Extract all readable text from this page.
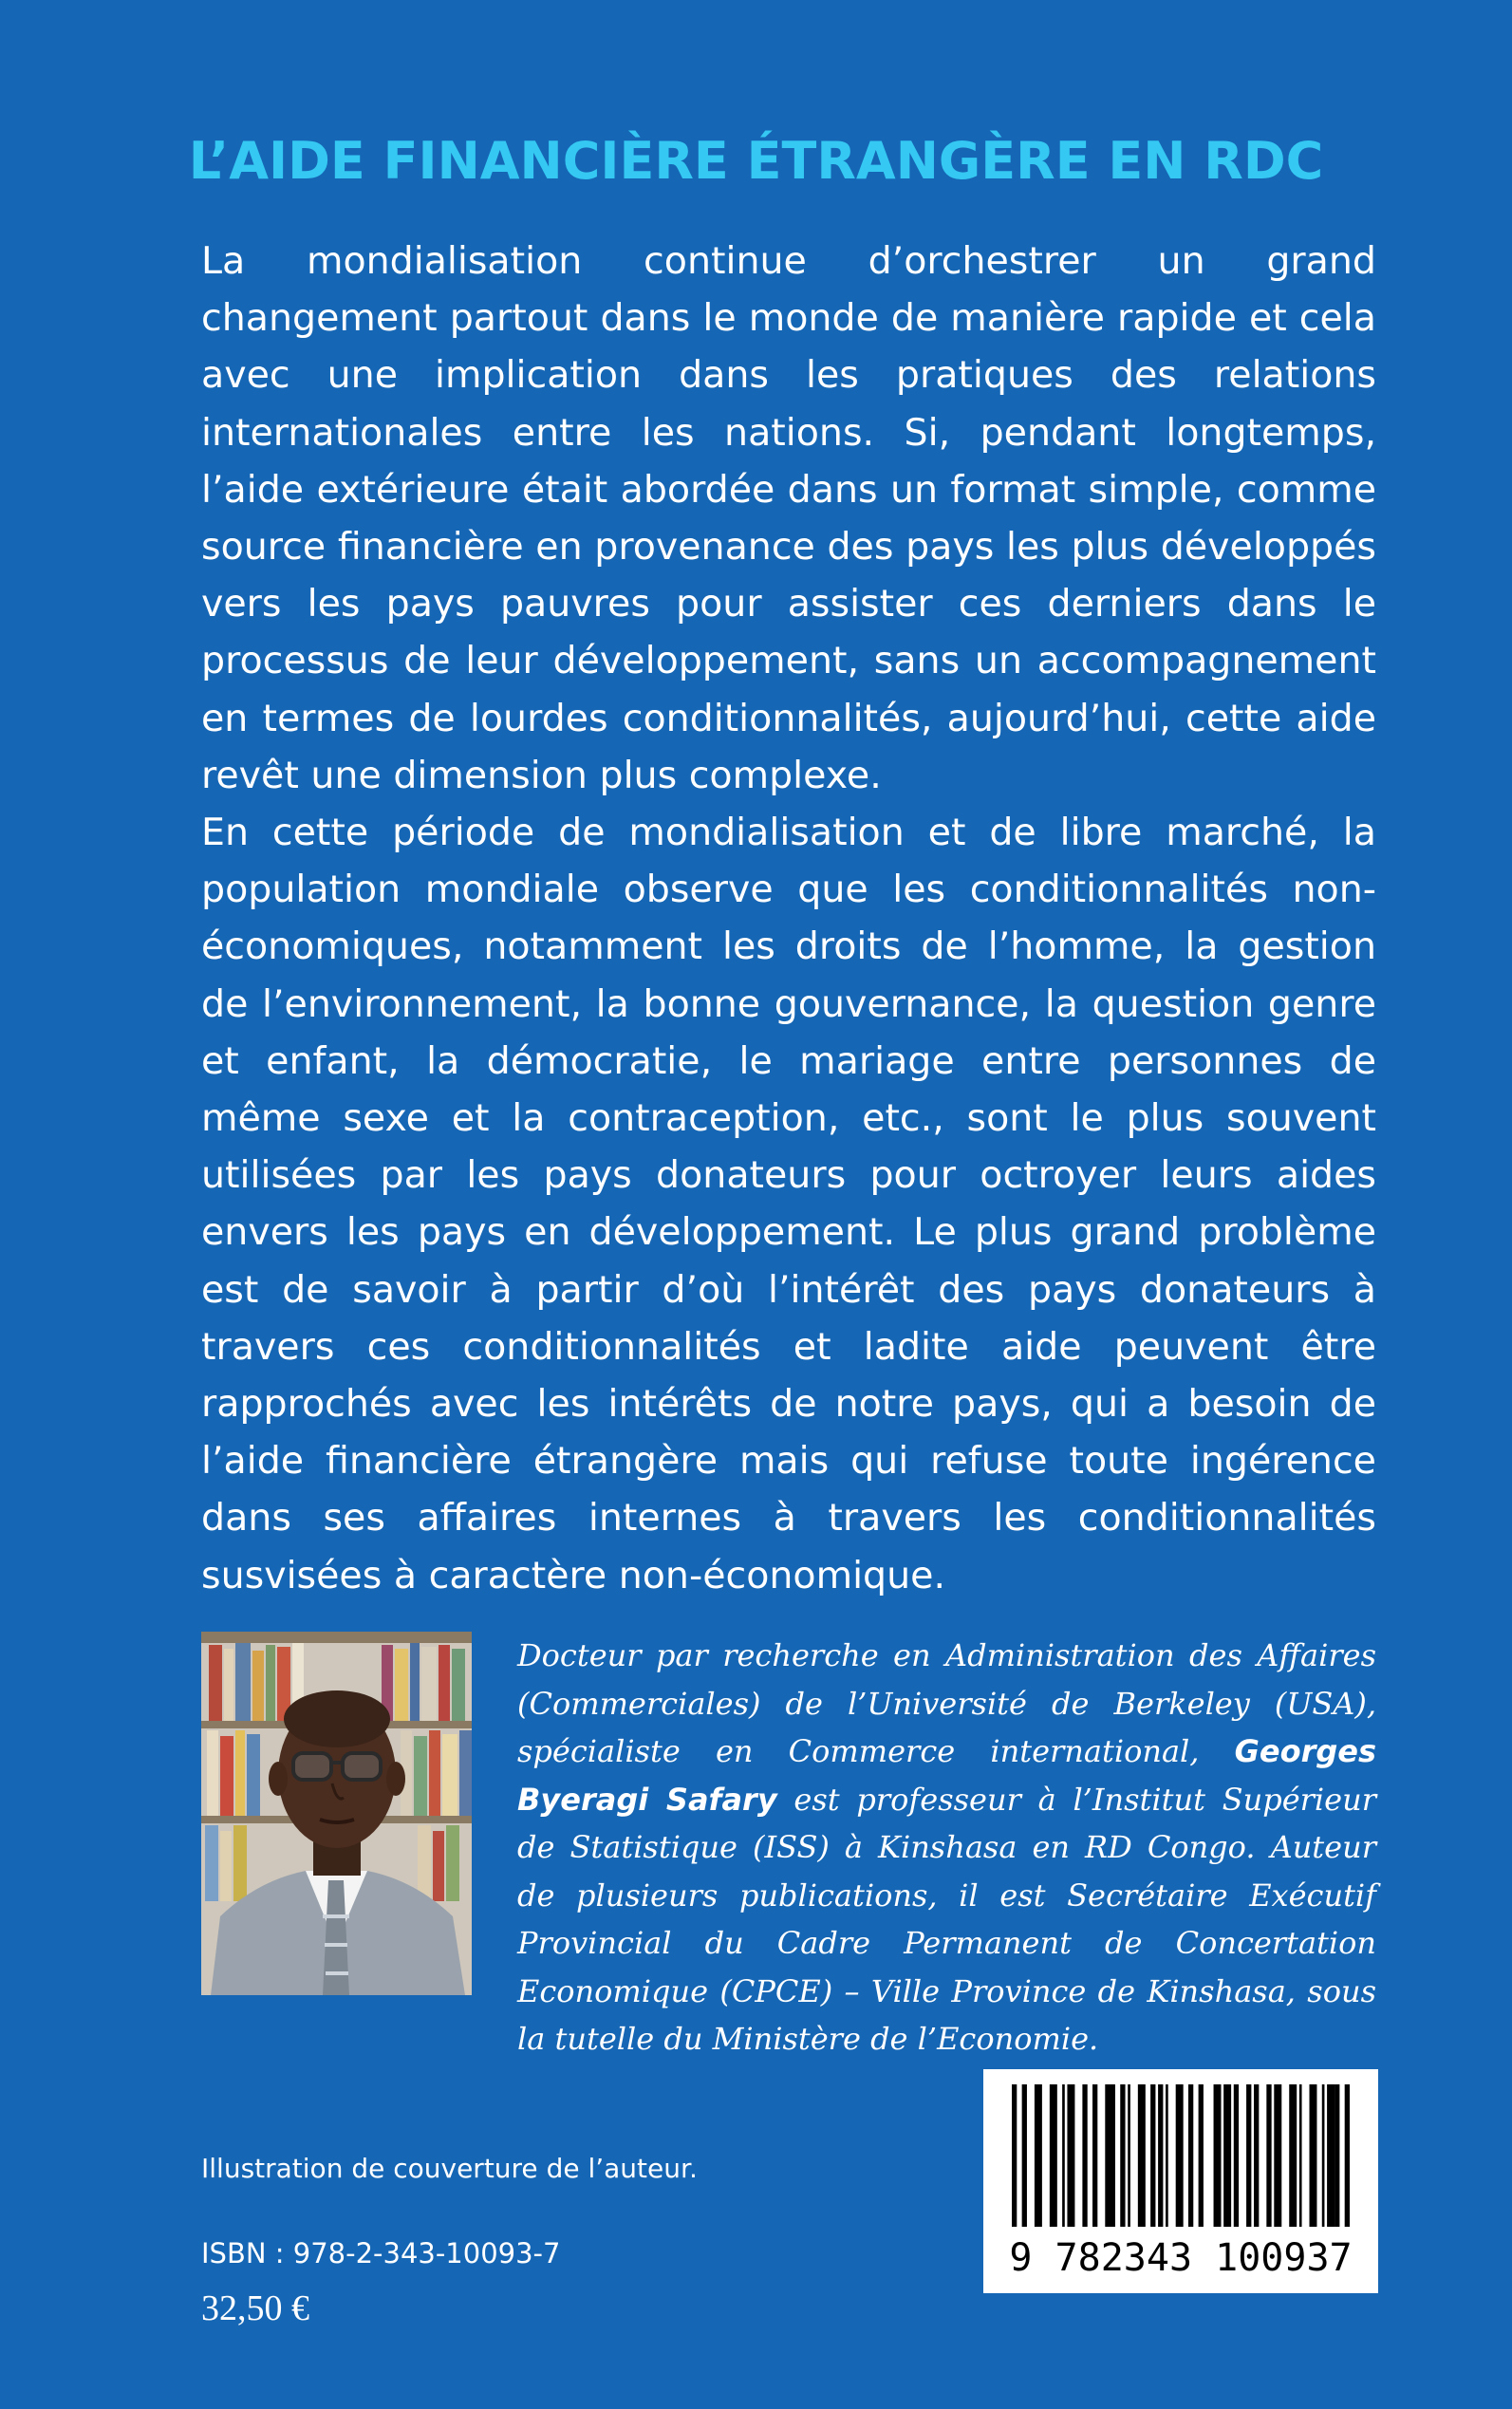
L’AIDE FINANCIÈRE ÉTRANGÈRE EN RDC

La mondialisation continue d’orchestrer un grand changement partout dans le monde de manière rapide et cela avec une implication dans les pratiques des relations internationales entre les nations. Si, pendant longtemps, l’aide extérieure était abordée dans un format simple, comme source financière en provenance des pays les plus développés vers les pays pauvres pour assister ces derniers dans le processus de leur développement, sans un accompagnement en termes de lourdes conditionnalités, aujourd’hui, cette aide revêt une dimension plus complexe.

En cette période de mondialisation et de libre marché, la population mondiale observe que les conditionnalités non-économiques, notamment les droits de l’homme, la gestion de l’environnement, la bonne gouvernance, la question genre et enfant, la démocratie, le mariage entre personnes de même sexe et la contraception, etc., sont le plus souvent utilisées par les pays donateurs pour octroyer leurs aides envers les pays en développement. Le plus grand problème est de savoir à partir d’où l’intérêt des pays donateurs à travers ces conditionnalités et ladite aide peuvent être rapprochés avec les intérêts de notre pays, qui a besoin de l’aide financière étrangère mais qui refuse toute ingérence dans ses affaires internes à travers les conditionnalités susvisées à caractère non-économique.

Docteur par recherche en Administration des Affaires (Commerciales) de l’Université de Berkeley (USA), spécialiste en Commerce international, Georges Byeragi Safary est professeur à l’Institut Supérieur de Statistique (ISS) à Kinshasa en RD Congo. Auteur de plusieurs publications, il est Secrétaire Exécutif Provincial du Cadre Permanent de Concertation Economique (CPCE) – Ville Province de Kinshasa, sous la tutelle du Ministère de l’Economie.
Illustration de couverture de l’auteur.
ISBN : 978-2-343-10093-7
32,50 €
9 782343 100937
